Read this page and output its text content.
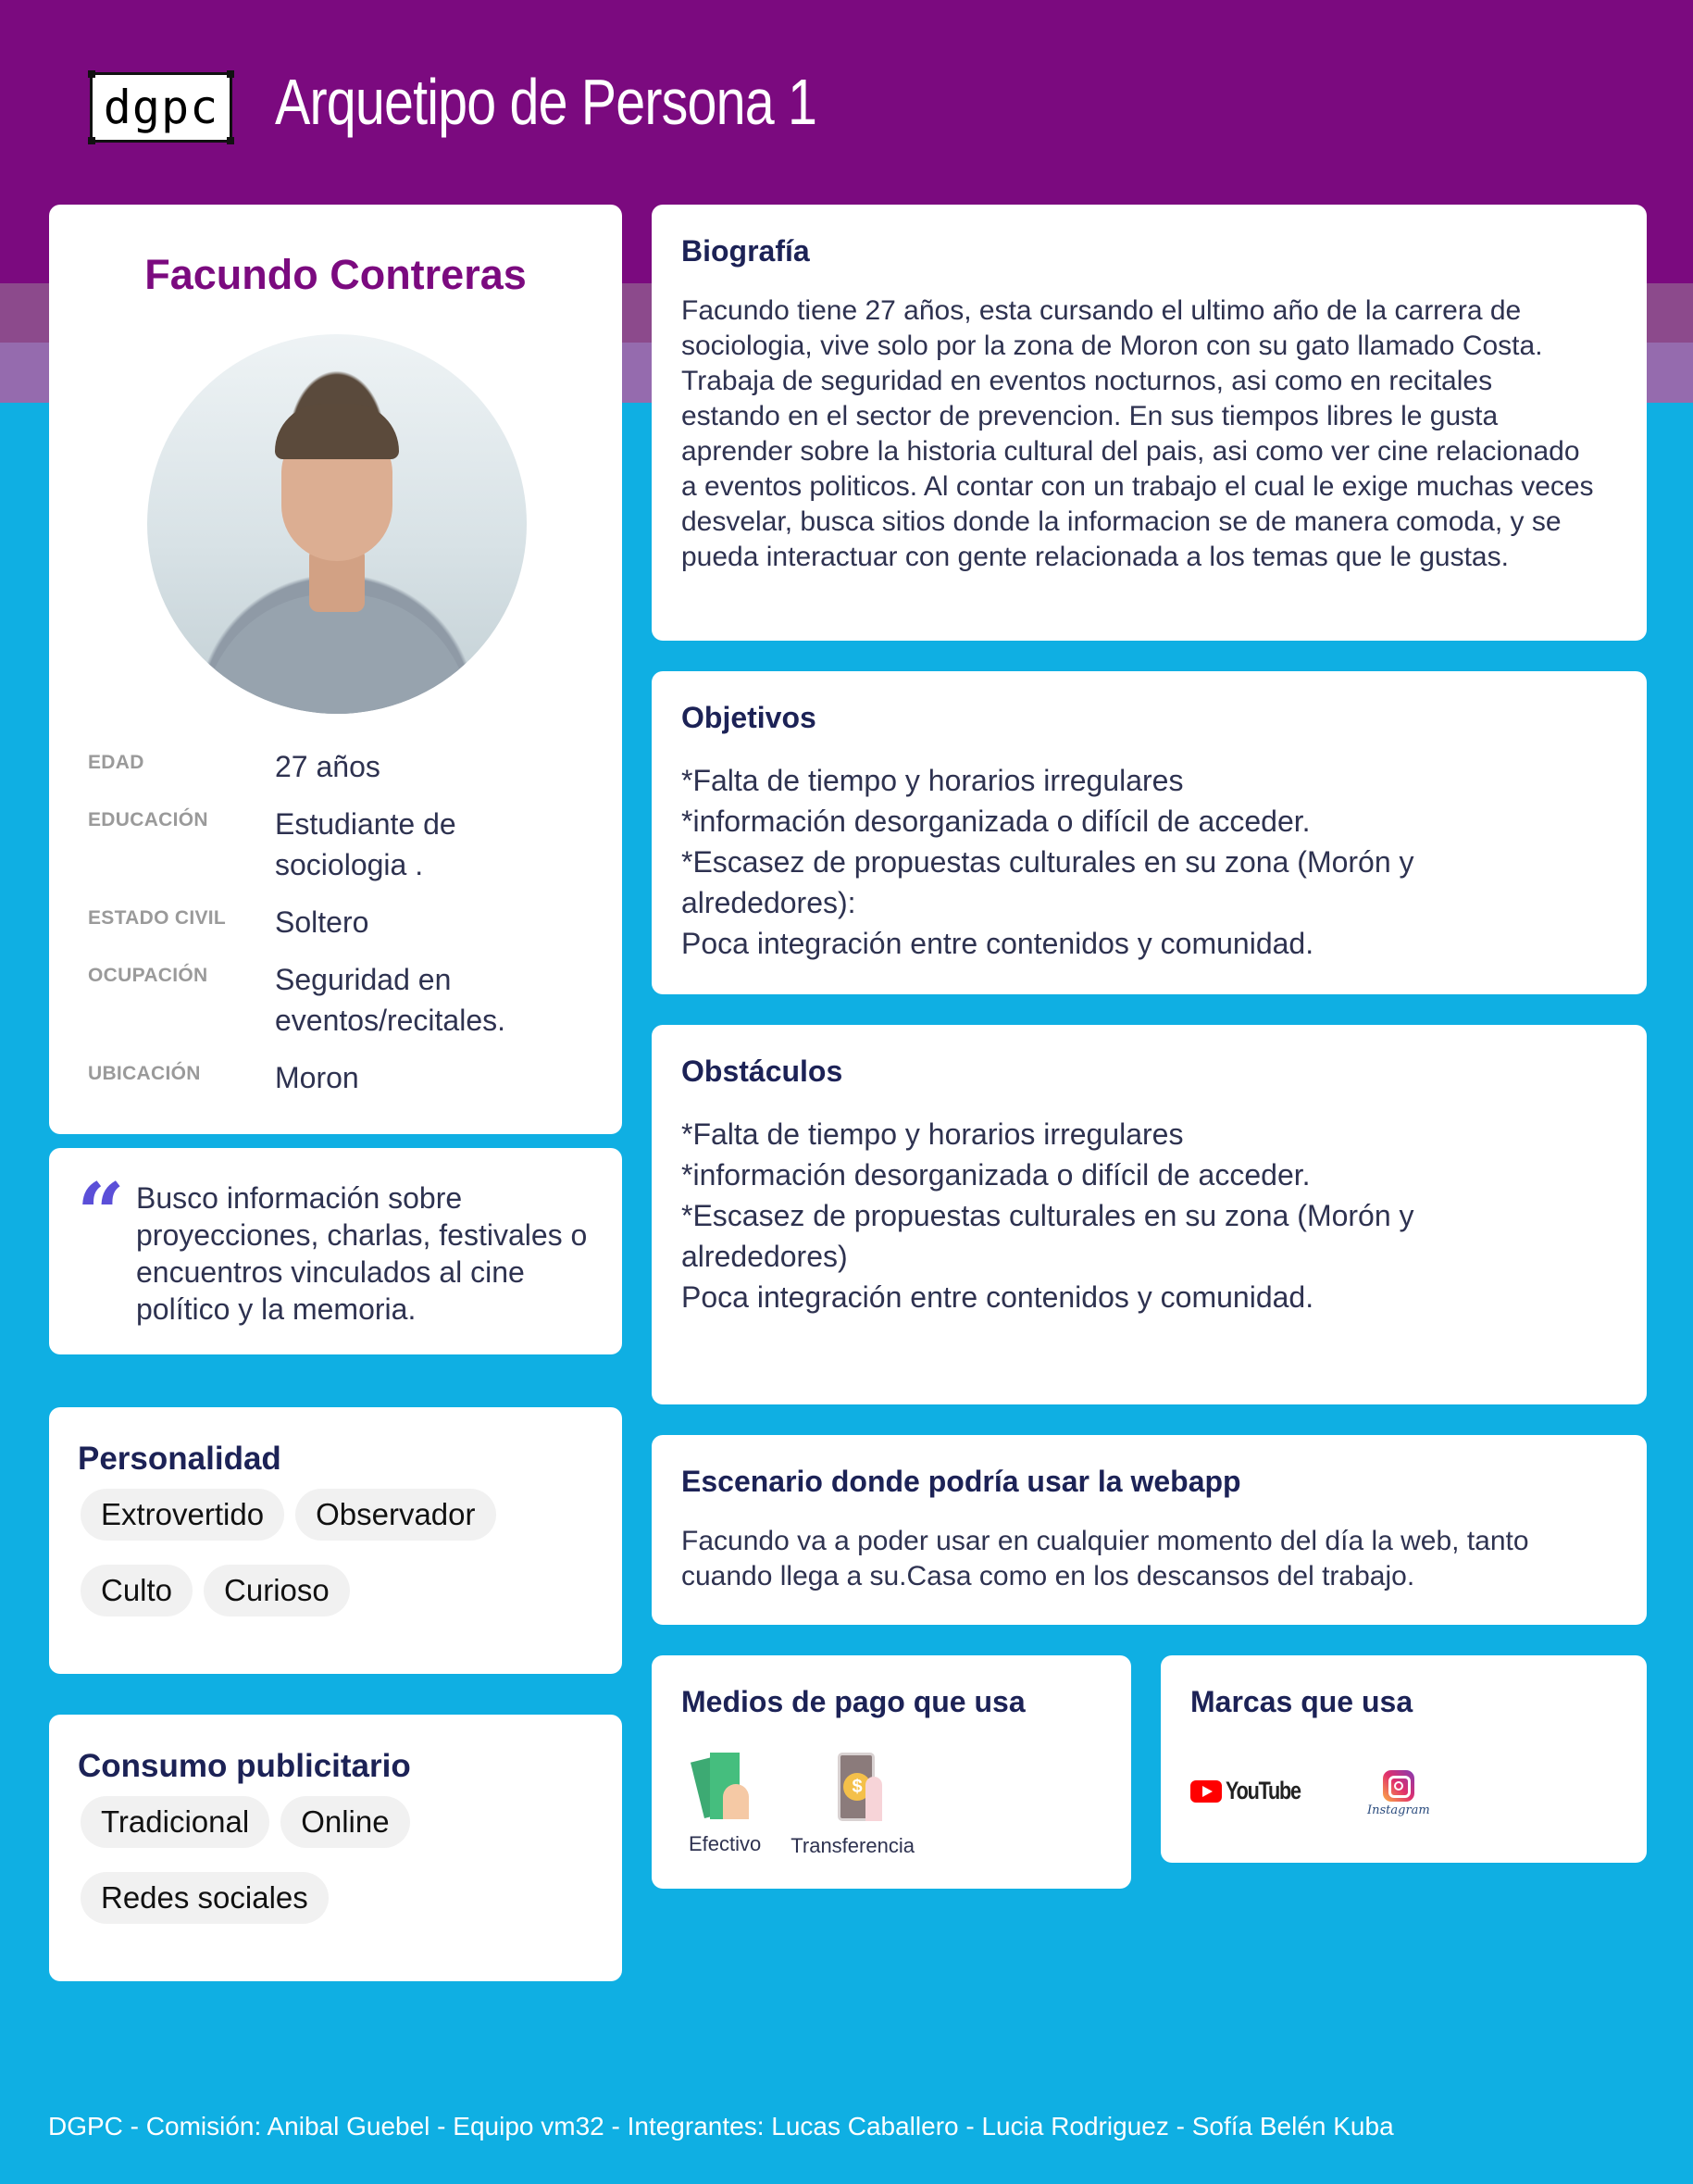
dgpc Arquetipo de Persona 1
Facundo Contreras
EDAD	27 años
EDUCACIÓN	Estudiante de sociologia .
ESTADO CIVIL	Soltero
OCUPACIÓN	Seguridad en eventos/recitales.
UBICACIÓN	Moron
“ Busco información sobre proyecciones, charlas, festivales o encuentros vinculados al cine político y la memoria.
Personalidad
Extrovertido	Observador
Culto	Curioso
Consumo publicitario
Tradicional	Online
Redes sociales
Biografía
Facundo tiene 27 años, esta cursando el ultimo año de la carrera de sociologia, vive solo por la zona de Moron con su gato llamado Costa. Trabaja de seguridad en eventos nocturnos, asi como en recitales estando en el sector de prevencion. En sus tiempos libres le gusta aprender sobre la historia cultural del pais, asi como ver cine relacionado a eventos politicos. Al contar con un trabajo el cual le exige muchas veces desvelar, busca sitios donde la informacion se de manera comoda, y se pueda interactuar con gente relacionada a los temas que le gustas.
Objetivos
*Falta de tiempo y horarios irregulares
*información desorganizada o difícil de acceder.
*Escasez de propuestas culturales en su zona (Morón y alrededores):
Poca integración entre contenidos y comunidad.
Obstáculos
*Falta de tiempo y horarios irregulares
*información desorganizada o difícil de acceder.
*Escasez de propuestas culturales en su zona (Morón y alrededores)
Poca integración entre contenidos y comunidad.
Escenario donde podría usar la webapp
Facundo va a poder usar en cualquier momento del día la web, tanto cuando llega a su.Casa como en los descansos del trabajo.
Medios de pago que usa
Efectivo
$
Transferencia
Marcas que usa
YouTube
Instagram
DGPC - Comisión: Anibal Guebel - Equipo vm32 - Integrantes: Lucas Caballero - Lucia Rodriguez - Sofía Belén Kuba
